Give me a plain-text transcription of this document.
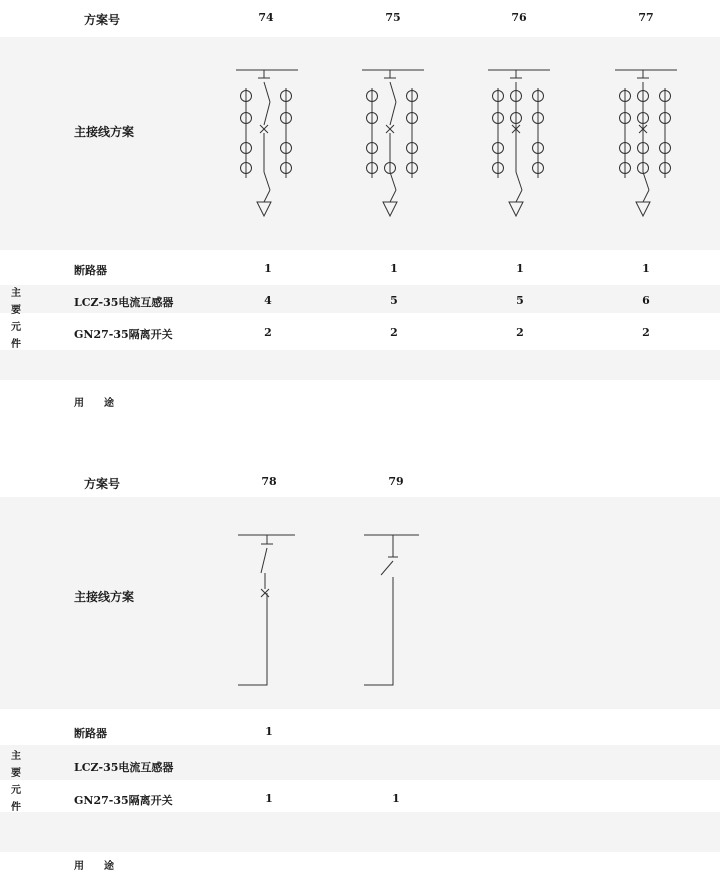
方案号	74	75	76	77
主接线方案
主要元件
断路器	1	1	1	1
LCZ-35电流互感器	4	5	5	6
GN27-35隔离开关	2	2	2	2
用　　途
方案号	78	79
主接线方案
主要元件
断路器	1
LCZ-35电流互感器
GN27-35隔离开关	1	1
用　　途
